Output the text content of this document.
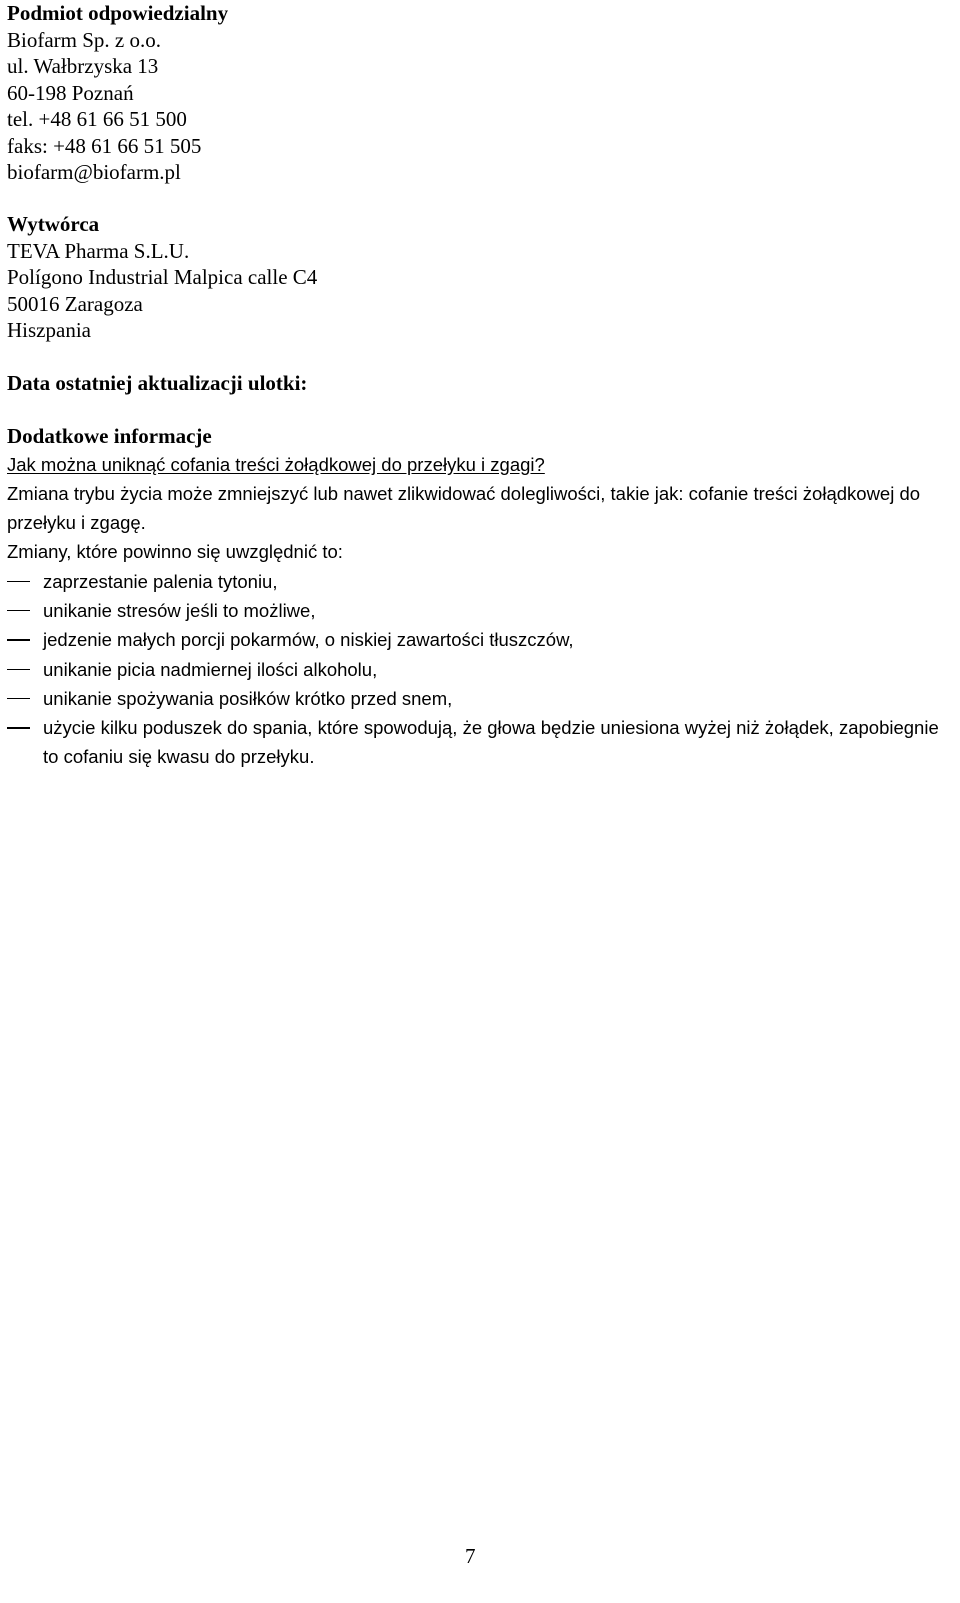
Podmiot odpowiedzialny
Biofarm Sp. z o.o.
ul. Wałbrzyska 13
60-198 Poznań
tel. +48 61 66 51 500
faks: +48 61 66 51 505
biofarm@biofarm.pl
Wytwórca
TEVA Pharma S.L.U.
Polígono Industrial Malpica calle C4
50016 Zaragoza
Hiszpania
Data ostatniej aktualizacji ulotki:
Dodatkowe informacje
Jak można uniknąć cofania treści żołądkowej do przełyku i zgagi?
Zmiana trybu życia może zmniejszyć lub nawet zlikwidować dolegliwości, takie jak: cofanie treści żołądkowej do przełyku i zgagę.
Zmiany, które powinno się uwzględnić to:
zaprzestanie palenia tytoniu,
unikanie stresów jeśli to możliwe,
jedzenie małych porcji pokarmów, o niskiej zawartości tłuszczów,
unikanie picia nadmiernej ilości alkoholu,
unikanie spożywania posiłków krótko przed snem,
użycie kilku poduszek do spania, które spowodują, że głowa będzie uniesiona wyżej niż żołądek, zapobiegnie to cofaniu się kwasu do przełyku.
7
